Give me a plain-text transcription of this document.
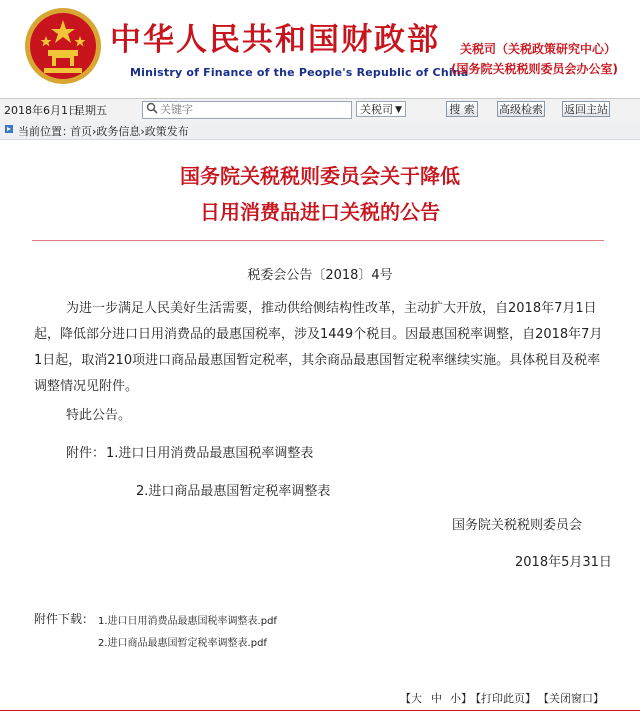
中华人民共和国财政部
Ministry of Finance of the People's Republic of China
关税司（关税政策研究中心）
(国务院关税税则委员会办公室)
2018年6月1日
星期五
关键字	关税司 ▼	搜 索 高级检索 返回主站
当前位置：
首页›政务信息›政策发布
国务院关税税则委员会关于降低
日用消费品进口关税的公告
税委会公告〔2018〕4号
为进一步满足人民美好生活需要，推动供给侧结构性改革，主动扩大开放，自2018年7月1日起，降低部分进口日用消费品的最惠国税率，涉及1449个税目。因最惠国税率调整，自2018年7月1日起，取消210项进口商品最惠国暂定税率，其余商品最惠国暂定税率继续实施。具体税目及税率调整情况见附件。
特此公告。
附件： 1.进口日用消费品最惠国税率调整表
2.进口商品最惠国暂定税率调整表
国务院关税税则委员会
2018年5月31日
附件下载： 1.进口日用消费品最惠国税率调整表.pdf
2.进口商品最惠国暂定税率调整表.pdf
【大 中 小】
【打印此页】 【关闭窗口】
